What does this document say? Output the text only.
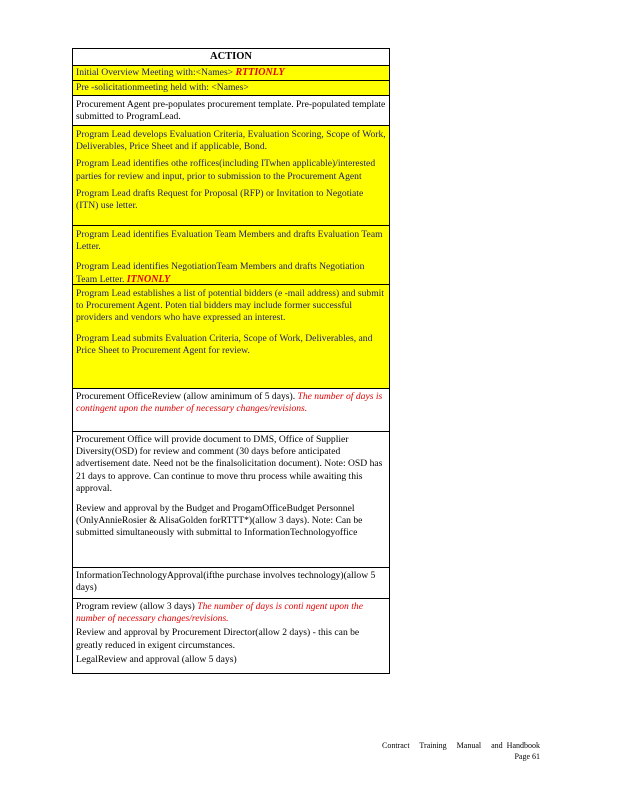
ACTION
Initial Overview Meeting with:<Names> RTTIONLY
Pre -solicitationmeeting held with: <Names>
Procurement Agent pre-populates procurement template. Pre-populated template submitted to ProgramLead.

Program Lead develops Evaluation Criteria, Evaluation Scoring, Scope of Work, Deliverables, Price Sheet and if applicable, Bond.

Program Lead identifies othe roffices(including ITwhen applicable)/interested parties for review and input, prior to submission to the Procurement Agent

Program Lead drafts Request for Proposal (RFP) or Invitation to Negotiate (ITN) use letter.

Program Lead identifies Evaluation Team Members and drafts Evaluation Team Letter.

Program Lead identifies NegotiationTeam Members and drafts Negotiation Team Letter. ITNONLY

Program Lead establishes a list of potential bidders (e -mail address) and submit to Procurement Agent. Poten tial bidders may include former successful providers and vendors who have expressed an interest.

Program Lead submits Evaluation Criteria, Scope of Work, Deliverables, and Price Sheet to Procurement Agent for review.

Procurement OfficeReview (allow aminimum of 5 days). The number of days is contingent upon the number of necessary changes/revisions.

Procurement Office will provide document to DMS, Office of Supplier Diversity(OSD) for review and comment (30 days before anticipated advertisement date. Need not be the finalsolicitation document). Note: OSD has 21 days to approve. Can continue to move thru process while awaiting this approval.

Review and approval by the Budget and ProgamOfficeBudget Personnel (OnlyAnnieRosier & AlisaGolden forRTTT*)(allow 3 days). Note: Can be submitted simultaneously with submittal to InformationTechnologyoffice

InformationTechnologyApproval(ifthe purchase involves technology)(allow 5 days)

Program review (allow 3 days) The number of days is conti ngent upon the number of necessary changes/revisions.

Review and approval by Procurement Director(allow 2 days) - this can be greatly reduced in exigent circumstances.

LegalReview and approval (allow 5 days)

Contract     Training     Manual     and  Handbook
Page 61
